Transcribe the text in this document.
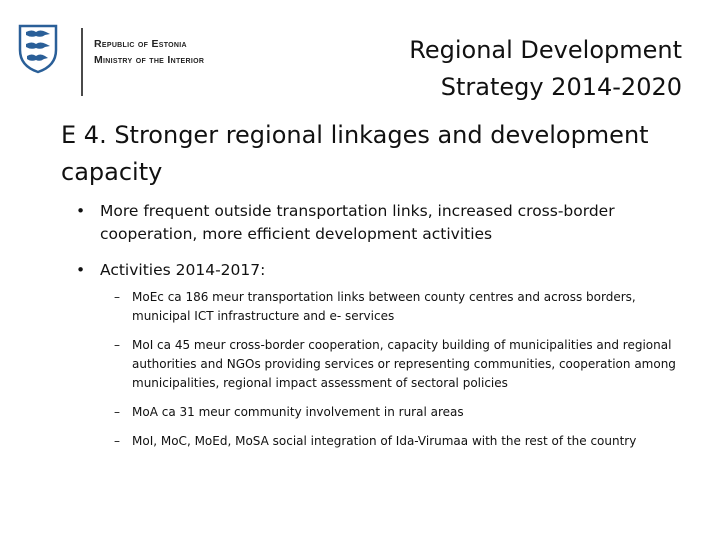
Republic of Estonia
Ministry of the Interior	Regional Development
Strategy 2014-2020
E 4. Stronger regional linkages and development capacity
• More frequent outside transportation links, increased cross-border cooperation, more efficient development activities
• Activities 2014-2017:
– MoEc ca 186 meur transportation links between county centres and across borders, municipal ICT infrastructure and e- services
– MoI ca 45 meur cross-border cooperation, capacity building of municipalities and regional authorities and NGOs providing services or representing communities, cooperation among municipalities, regional impact assessment of sectoral policies
– MoA ca 31 meur community involvement in rural areas
– MoI, MoC, MoEd, MoSA social integration of Ida-Virumaa with the rest of the country
